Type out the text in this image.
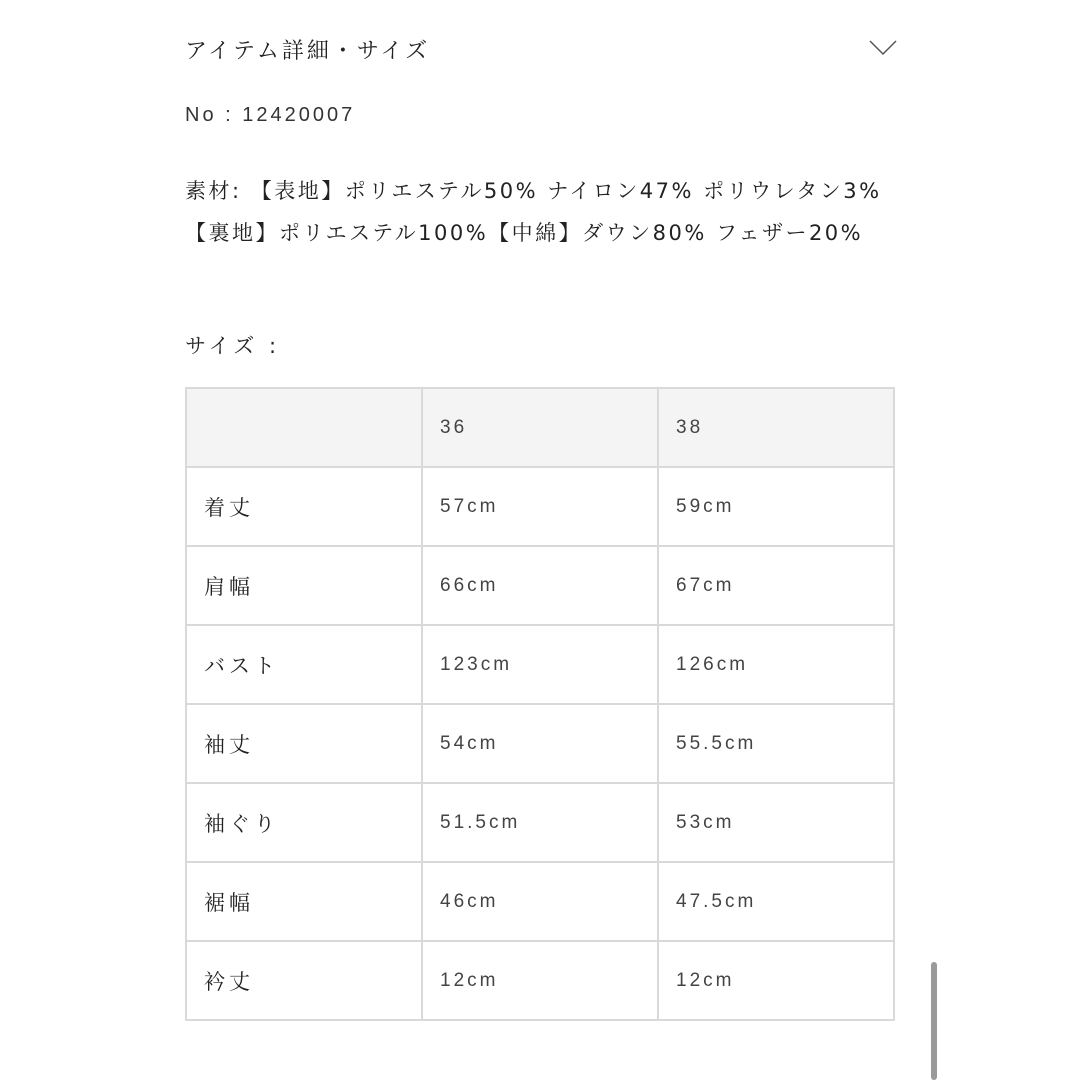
アイテム詳細・サイズ
No : 12420007
素材: 【表地】ポリエステル50% ナイロン47% ポリウレタン3%【裏地】ポリエステル100%【中綿】ダウン80% フェザー20%
サイズ :
	36	38
着丈	57cm	59cm
肩幅	66cm	67cm
バスト	123cm	126cm
袖丈	54cm	55.5cm
袖ぐり	51.5cm	53cm
裾幅	46cm	47.5cm
衿丈	12cm	12cm
